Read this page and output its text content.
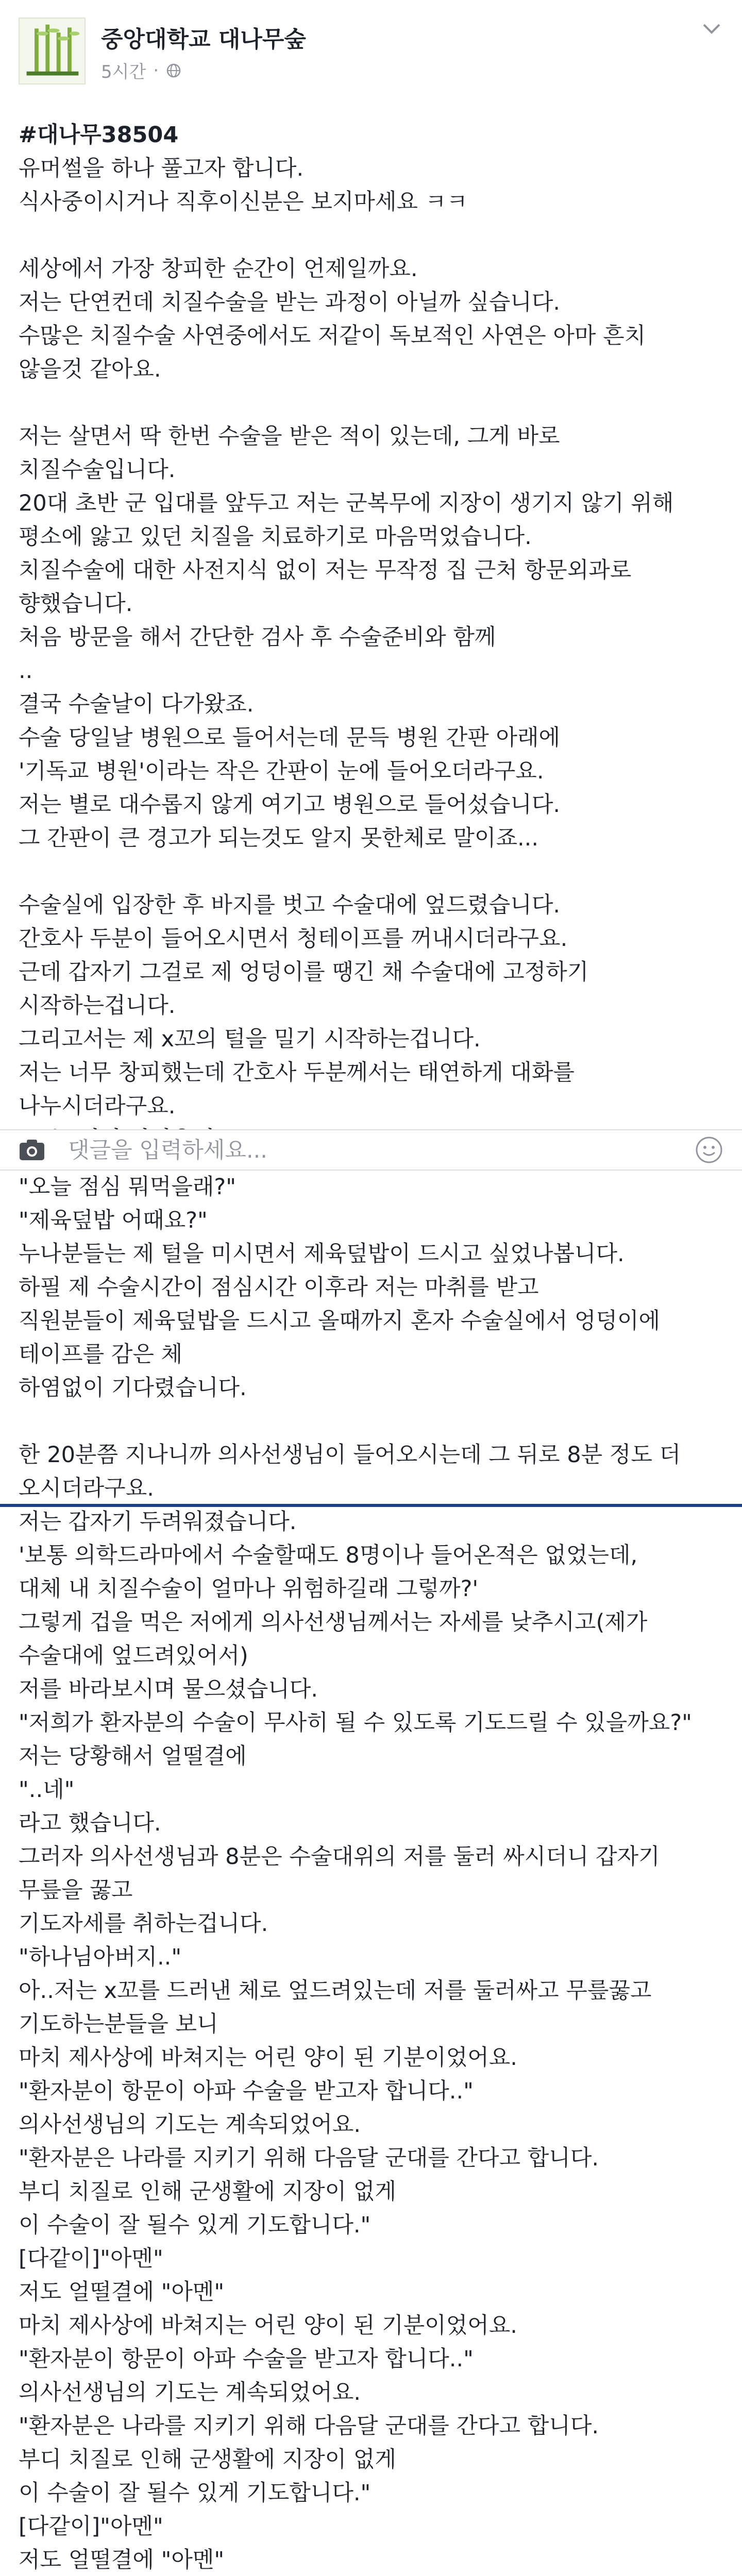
중앙대학교 대나무숲
5시간 ·
#대나무38504
유머썰을 하나 풀고자 합니다.
식사중이시거나 직후이신분은 보지마세요 ㅋㅋ
세상에서 가장 창피한 순간이 언제일까요.
저는 단연컨데 치질수술을 받는 과정이 아닐까 싶습니다.
수많은 치질수술 사연중에서도 저같이 독보적인 사연은 아마 흔치
않을것 같아요.
저는 살면서 딱 한번 수술을 받은 적이 있는데, 그게 바로
치질수술입니다.
20대 초반 군 입대를 앞두고 저는 군복무에 지장이 생기지 않기 위해
평소에 앓고 있던 치질을 치료하기로 마음먹었습니다.
치질수술에 대한 사전지식 없이 저는 무작정 집 근처 항문외과로
향했습니다.
처음 방문을 해서 간단한 검사 후 수술준비와 함께
..
결국 수술날이 다가왔죠.
수술 당일날 병원으로 들어서는데 문득 병원 간판 아래에
'기독교 병원'이라는 작은 간판이 눈에 들어오더라구요.
저는 별로 대수롭지 않게 여기고 병원으로 들어섰습니다.
그 간판이 큰 경고가 되는것도 알지 못한체로 말이죠...
수술실에 입장한 후 바지를 벗고 수술대에 엎드렸습니다.
간호사 두분이 들어오시면서 청테이프를 꺼내시더라구요.
근데 갑자기 그걸로 제 엉덩이를 땡긴 채 수술대에 고정하기
시작하는겁니다.
그리고서는 제 x꼬의 털을 밀기 시작하는겁니다.
저는 너무 창피했는데 간호사 두분께서는 태연하게 대화를
나누시더라구요.
댓글을 입력하세요...
"오늘 점심 뭐먹을래?"
"제육덮밥 어때요?"
누나분들는 제 털을 미시면서 제육덮밥이 드시고 싶었나봅니다.
하필 제 수술시간이 점심시간 이후라 저는 마취를 받고
직원분들이 제육덮밥을 드시고 올때까지 혼자 수술실에서 엉덩이에
테이프를 감은 체
하염없이 기다렸습니다.
한 20분쯤 지나니까 의사선생님이 들어오시는데 그 뒤로 8분 정도 더
오시더라구요.
저는 갑자기 두려워졌습니다.
'보통 의학드라마에서 수술할때도 8명이나 들어온적은 없었는데,
대체 내 치질수술이 얼마나 위험하길래 그렇까?'
그렇게 겁을 먹은 저에게 의사선생님께서는 자세를 낮추시고(제가
수술대에 엎드려있어서)
저를 바라보시며 물으셨습니다.
"저희가 환자분의 수술이 무사히 될 수 있도록 기도드릴 수 있을까요?"
저는 당황해서 얼떨결에
"..네"
라고 했습니다.
그러자 의사선생님과 8분은 수술대위의 저를 둘러 싸시더니 갑자기
무릎을 꿇고
기도자세를 취하는겁니다.
"하나님아버지.."
아..저는 x꼬를 드러낸 체로 엎드려있는데 저를 둘러싸고 무릎꿇고
기도하는분들을 보니
마치 제사상에 바쳐지는 어린 양이 된 기분이었어요.
"환자분이 항문이 아파 수술을 받고자 합니다.."
의사선생님의 기도는 계속되었어요.
"환자분은 나라를 지키기 위해 다음달 군대를 간다고 합니다.
부디 치질로 인해 군생활에 지장이 없게
이 수술이 잘 될수 있게 기도합니다."
[다같이]"아멘"
저도 얼떨결에 "아멘"
마치 제사상에 바쳐지는 어린 양이 된 기분이었어요.
"환자분이 항문이 아파 수술을 받고자 합니다.."
의사선생님의 기도는 계속되었어요.
"환자분은 나라를 지키기 위해 다음달 군대를 간다고 합니다.
부디 치질로 인해 군생활에 지장이 없게
이 수술이 잘 될수 있게 기도합니다."
[다같이]"아멘"
저도 얼떨결에 "아멘"
